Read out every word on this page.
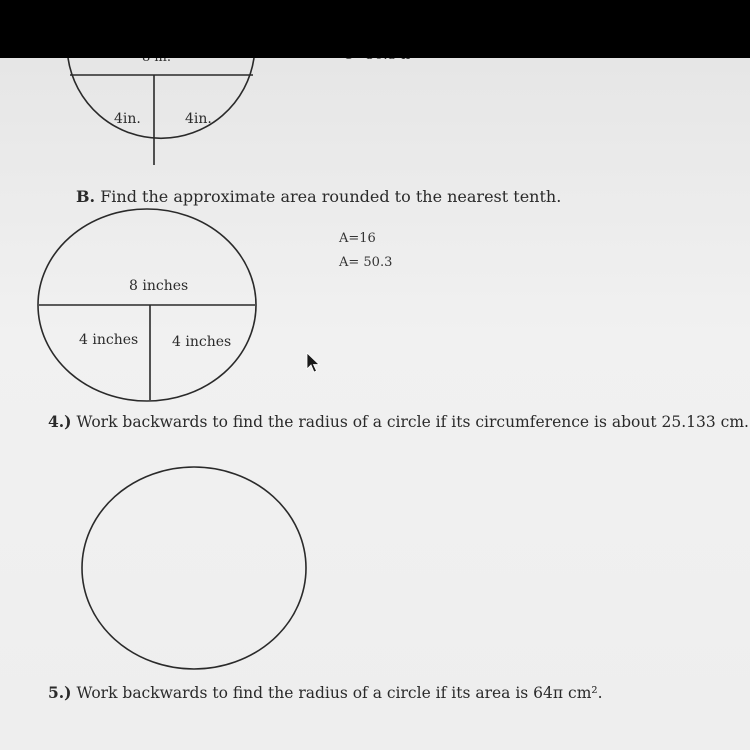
4in.	4in.
B. Find the approximate area rounded to the nearest tenth.
8 inches
4 inches 4 inches
A=16
A= 50.3
4.) Work backwards to find the radius of a circle if its circumference is about 25.133 cm.
5.) Work backwards to find the radius of a circle if its area is 64π cm².
